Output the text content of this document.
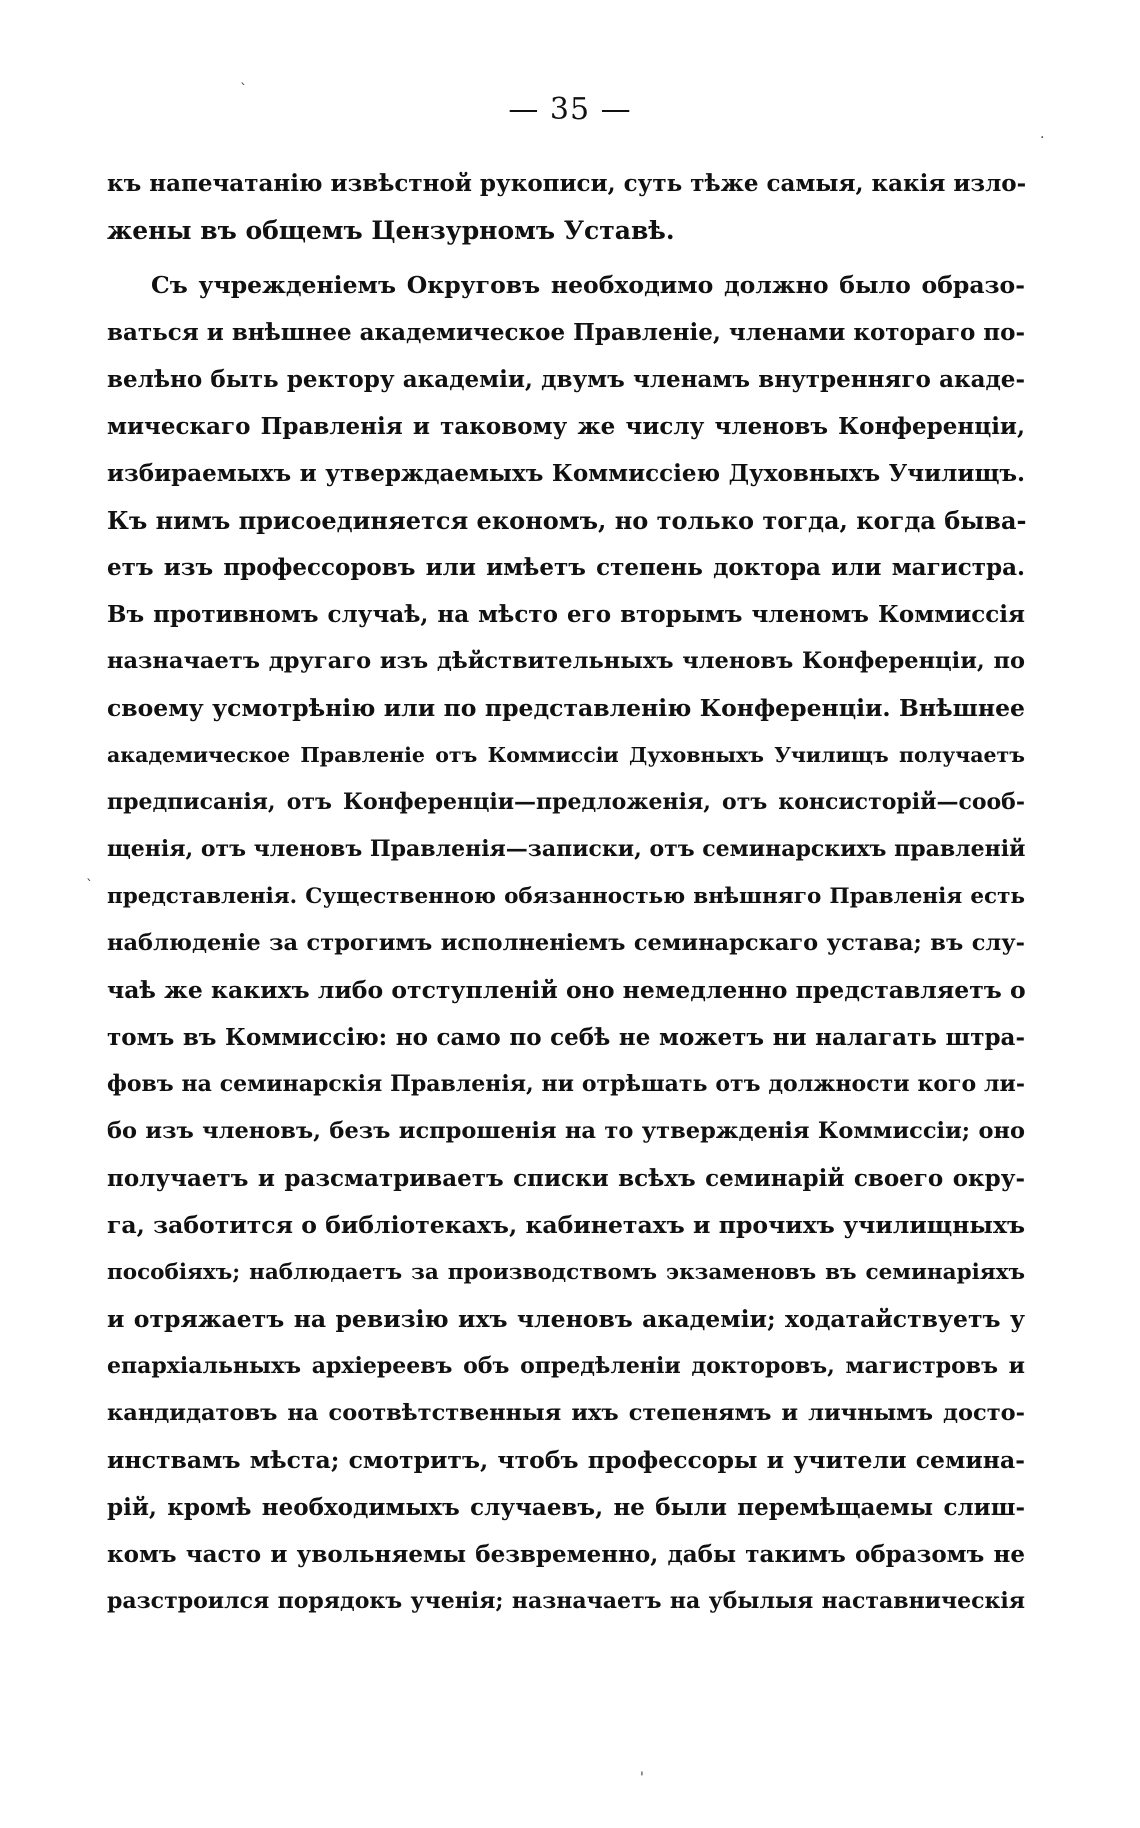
— 35 —
къ напечатанію извѣстной рукописи, суть тѣже самыя, какія изло-
жены въ общемъ Цензурномъ Уставѣ.
Съ учрежденіемъ Округовъ необходимо должно было образо-
ваться и внѣшнее академическое Правленіе, членами котораго по-
велѣно быть ректору академіи, двумъ членамъ внутренняго акаде-
мическаго Правленія и таковому же числу членовъ Конференціи,
избираемыхъ и утверждаемыхъ Коммиссіею Духовныхъ Училищъ.
Къ нимъ присоединяется економъ, но только тогда, когда быва-
етъ изъ профессоровъ или имѣетъ степень доктора или магистра.
Въ противномъ случаѣ, на мѣсто его вторымъ членомъ Коммиссія
назначаетъ другаго изъ дѣйствительныхъ членовъ Конференціи, по
своему усмотрѣнію или по представленію Конференціи. Внѣшнее
академическое Правленіе отъ Коммиссіи Духовныхъ Училищъ получаетъ
предписанія, отъ Конференціи—предложенія, отъ консисторій—сооб-
щенія, отъ членовъ Правленія—записки, отъ семинарскихъ правленій
представленія. Существенною обязанностью внѣшняго Правленія есть
наблюденіе за строгимъ исполненіемъ семинарскаго устава; въ слу-
чаѣ же какихъ либо отступленій оно немедленно представляетъ о
томъ въ Коммиссію: но само по себѣ не можетъ ни налагать штра-
фовъ на семинарскія Правленія, ни отрѣшать отъ должности кого ли-
бо изъ членовъ, безъ испрошенія на то утвержденія Коммиссіи; оно
получаетъ и разсматриваетъ списки всѣхъ семинарій своего окру-
га, заботится о библіотекахъ, кабинетахъ и прочихъ училищныхъ
пособіяхъ; наблюдаетъ за производствомъ экзаменовъ въ семинаріяхъ
и отряжаетъ на ревизію ихъ членовъ академіи; ходатайствуетъ у
епархіальныхъ архіереевъ объ опредѣленіи докторовъ, магистровъ и
кандидатовъ на соотвѣтственныя ихъ степенямъ и личнымъ досто-
инствамъ мѣста; смотритъ, чтобъ профессоры и учители семина-
рій, кромѣ необходимыхъ случаевъ, не были перемѣщаемы слиш-
комъ часто и увольняемы безвременно, дабы такимъ образомъ не
разстроился порядокъ ученія; назначаетъ на убылыя наставническія
`
·
`
'
